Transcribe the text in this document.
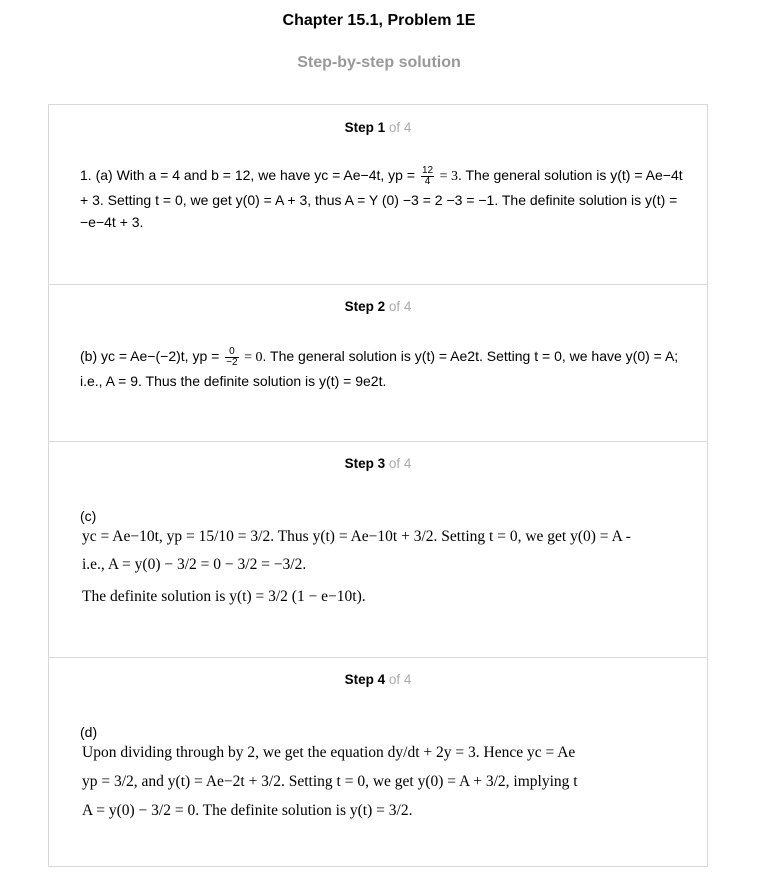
Chapter 15.1, Problem 1E
Step-by-step solution
Step 1 of 4
1. (a) With a = 4 and b = 12, we have yc = Ae−4t, yp = $\frac{12}{4} = 3$. The general solution is y(t) = Ae−4t + 3. Setting t = 0, we get y(0) = A + 3, thus A = Y (0) −3 = 2 −3 = −1. The definite solution is y(t) = −e−4t + 3.
Step 2 of 4
(b) yc = Ae−(−2)t, yp = $\frac{0}{-2} = 0$. The general solution is y(t) = Ae2t. Setting t = 0, we have y(0) = A; i.e., A = 9. Thus the definite solution is y(t) = 9e2t.
Step 3 of 4
(c)
yc = Ae−10t, yp = 15/10 = 3/2. Thus y(t) = Ae−10t + 3/2. Setting t = 0, we get y(0) = A -
i.e., A = y(0) − 3/2 = 0 − 3/2 = −3/2.
The definite solution is y(t) = 3/2 (1 − e−10t).
Step 4 of 4
(d)
Upon dividing through by 2, we get the equation dy/dt + 2y = 3. Hence yc = Ae
yp = 3/2, and y(t) = Ae−2t + 3/2. Setting t = 0, we get y(0) = A + 3/2, implying t
A = y(0) − 3/2 = 0. The definite solution is y(t) = 3/2.
